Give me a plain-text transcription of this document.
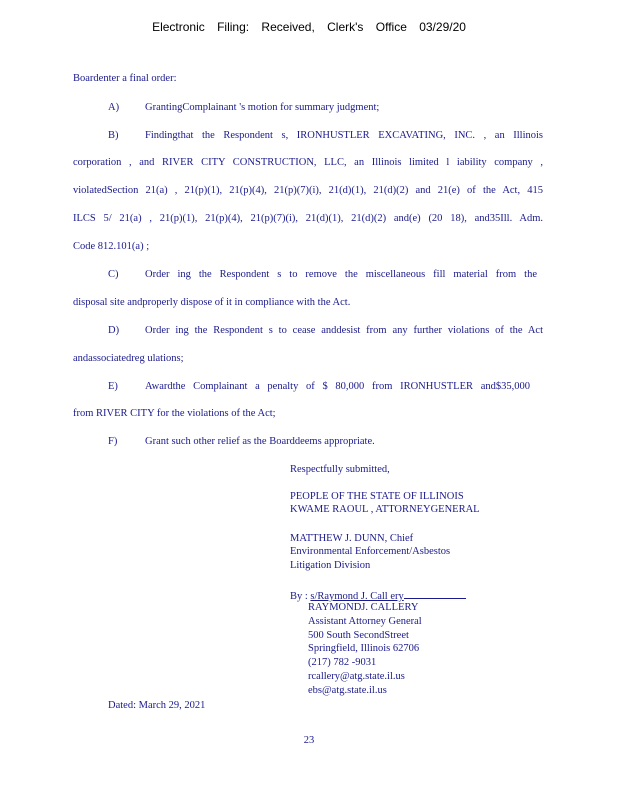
Electronic Filing: Received, Clerk's Office 03/29/20
Boardenter a final order:
A) GrantingComplainant 's motion for summary judgment;
B)	Findingthat the Respondent s, IRONHUSTLER EXCAVATING, INC. , an Illinois
corporation , and RIVER CITY CONSTRUCTION, LLC, an Illinois limited l iability company ,
violatedSection 21(a) , 21(p)(1), 21(p)(4), 21(p)(7)(i), 21(d)(1), 21(d)(2) and 21(e) of the Act, 415
ILCS 5/ 21(a) , 21(p)(1), 21(p)(4), 21(p)(7)(i), 21(d)(1), 21(d)(2) and(e) (20 18), and35Ill. Adm.
Code 812.101(a) ;
C)	Order ing the Respondent s to remove the miscellaneous fill material from the
disposal site andproperly dispose of it in compliance with the Act.
D) Order ing the Respondent s to cease anddesist from any further violations of the Act
andassociatedreg ulations;
E)	Awardthe Complainant a penalty of $ 80,000 from IRONHUSTLER and$35,000
from RIVER CITY for the violations of the Act;
F)	Grant such other relief as the Boarddeems appropriate.
Respectfully submitted,
PEOPLE OF THE STATE OF ILLINOIS
KWAME RAOUL , ATTORNEYGENERAL
MATTHEW J. DUNN, Chief
Environmental Enforcement/Asbestos
Litigation Division
By : s/Raymond J. Call ery
RAYMONDJ. CALLERY
Assistant Attorney General
500 South SecondStreet
Springfield, Illinois 62706
(217) 782 -9031
rcallery@atg.state.il.us
ebs@atg.state.il.us
Dated: March 29, 2021
23
